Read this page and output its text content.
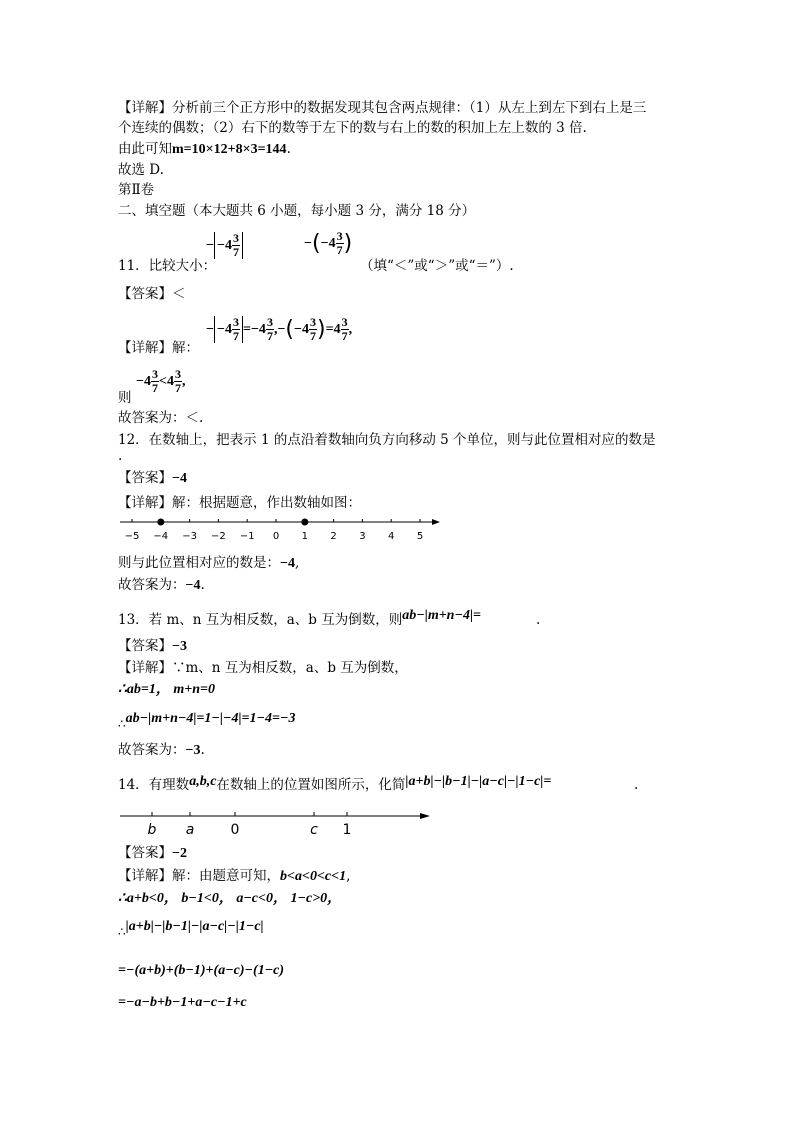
【详解】分析前三个正方形中的数据发现其包含两点规律：（1）从左上到左下到右上是三
个连续的偶数；（2）右下的数等于左下的数与右上的数的积加上左上数的 3 倍.
由此可知m=10×12+8×3=144.
故选 D.
第Ⅱ卷
二、填空题（本大题共 6 小题，每小题 3 分，满分 18 分）
11．比较大小：
− $-4 \frac{3}{7}$	$-(-4 \frac{3}{7}$ )
（填“＜”或“＞”或“＝”）.
【答案】＜
【详解】解：
− $-4 \frac{3}{7} =-4 \frac{3}{7} ,-(-4 \frac{3}{7} )=4 \frac{3}{7}$ ,
则
$-4 \frac{3}{7} <4 \frac{3}{7}$ ,
故答案为：＜.
12．在数轴上，把表示 1 的点沿着数轴向负方向移动 5 个单位，则与此位置相对应的数是
.
【答案】−4
【详解】解：根据题意，作出数轴如图：
−5 −4 −3 −2 −1 0 1 2 3 4 5
则与此位置相对应的数是：−4,
故答案为：−4.
13．若 m、n 互为相反数，a、b 互为倒数，则ab−|m+n−4|=	.
【答案】−3
【详解】∵m、n 互为相反数，a、b 互为倒数，
∴ab=1， m+n=0
∴ab−|m+n−4|=1−|−4|=1−4=−3
故答案为：−3.
14．有理数a,b,c在数轴上的位置如图所示，化简|a+b|−|b−1|−|a−c|−|1−c|=	.
b a	0	c 1
【答案】−2
【详解】解：由题意可知，b<a<0<c<1,
∴a+b<0， b−1<0， a−c<0， 1−c>0，
∴|a+b|−|b−1|−|a−c|−|1−c|
=−(a+b)+(b−1)+(a−c)−(1−c)
=−a−b+b−1+a−c−1+c
